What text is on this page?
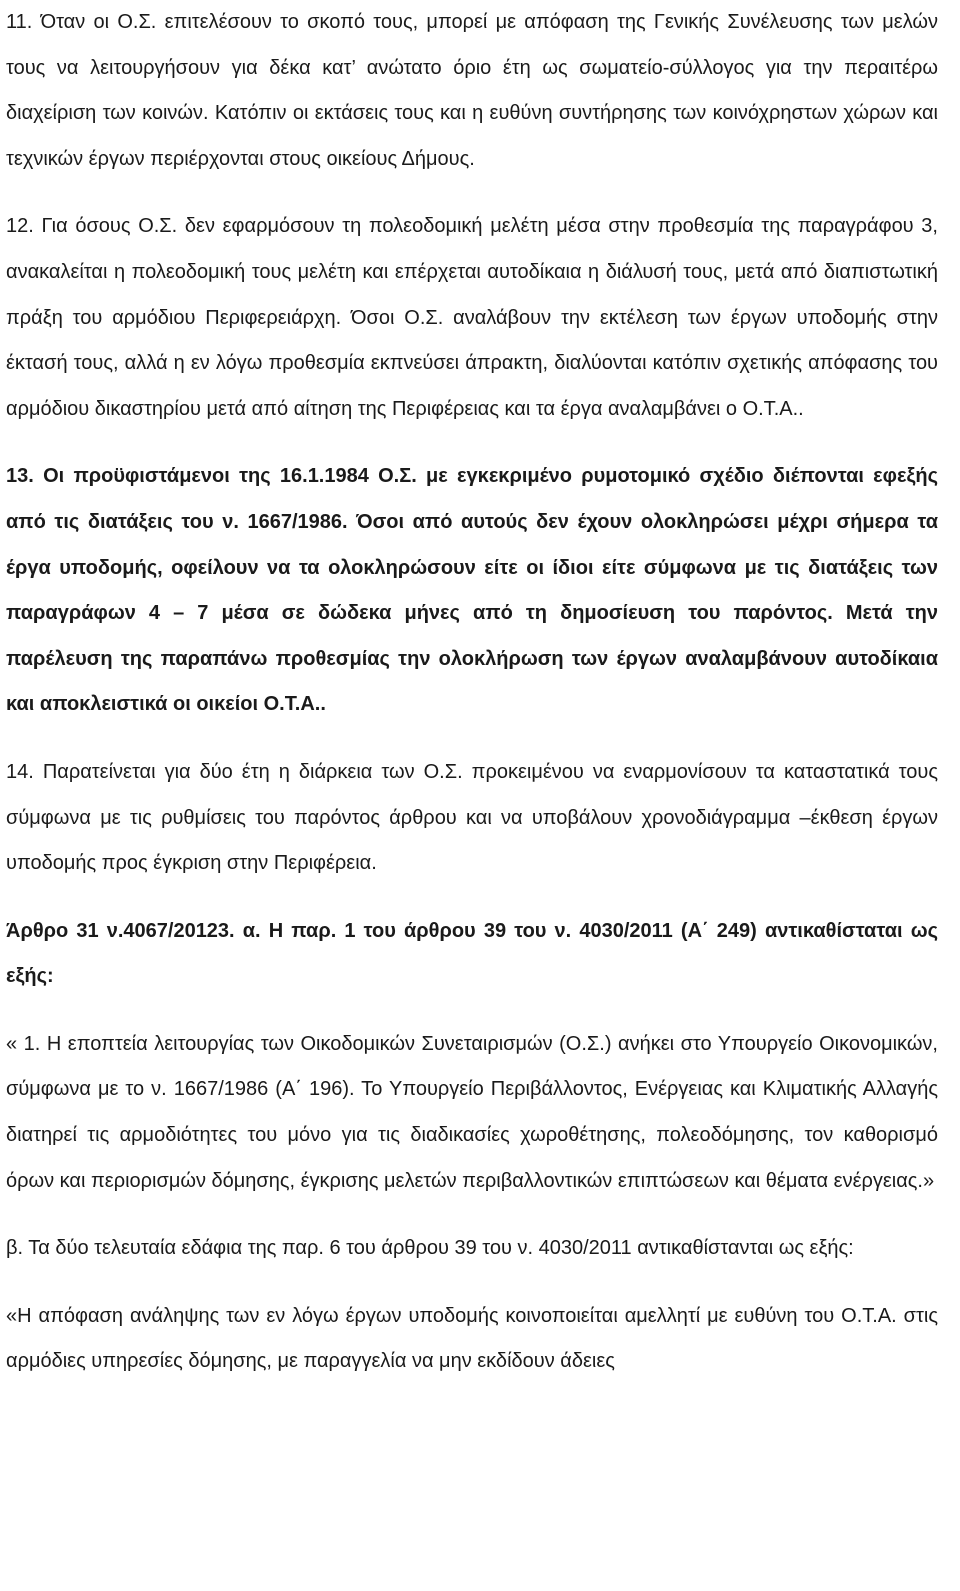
11. Όταν οι Ο.Σ. επιτελέσουν το σκοπό τους, μπορεί με απόφαση της Γενικής Συνέλευσης των μελών τους να λειτουργήσουν για δέκα κατ’ ανώτατο όριο έτη ως σωματείο-σύλλογος για την περαιτέρω διαχείριση των κοινών. Κατόπιν οι εκτάσεις τους και η ευθύνη συντήρησης των κοινόχρηστων χώρων και τεχνικών έργων περιέρχονται στους οικείους Δήμους.

12. Για όσους Ο.Σ. δεν εφαρμόσουν τη πολεοδομική μελέτη μέσα στην προθεσμία της παραγράφου 3, ανακαλείται η πολεοδομική τους μελέτη και επέρχεται αυτοδίκαια η διάλυσή τους, μετά από διαπιστωτική πράξη του αρμόδιου Περιφερειάρχη. Όσοι Ο.Σ. αναλάβουν την εκτέλεση των έργων υποδομής στην έκτασή τους, αλλά η εν λόγω προθεσμία εκπνεύσει άπρακτη, διαλύονται κατόπιν σχετικής απόφασης του αρμόδιου δικαστηρίου μετά από αίτηση της Περιφέρειας και τα έργα αναλαμβάνει ο Ο.Τ.Α..

13. Οι προϋφιστάμενοι της 16.1.1984 Ο.Σ. με εγκεκριμένο ρυμοτομικό σχέδιο διέπονται εφεξής από τις διατάξεις του ν. 1667/1986. Όσοι από αυτούς δεν έχουν ολοκληρώσει μέχρι σήμερα τα έργα υποδομής, οφείλουν να τα ολοκληρώσουν είτε οι ίδιοι είτε σύμφωνα με τις διατάξεις των παραγράφων 4 – 7 μέσα σε δώδεκα μήνες από τη δημοσίευση του παρόντος. Μετά την παρέλευση της παραπάνω προθεσμίας την ολοκλήρωση των έργων αναλαμβάνουν αυτοδίκαια και αποκλειστικά οι οικείοι Ο.Τ.Α..

14. Παρατείνεται για δύο έτη η διάρκεια των Ο.Σ. προκειμένου να εναρμονίσουν τα καταστατικά τους σύμφωνα με τις ρυθμίσεις του παρόντος άρθρου και να υποβάλουν χρονοδιάγραμμα –έκθεση έργων υποδομής προς έγκριση στην Περιφέρεια.

Άρθρο 31 ν.4067/20123. α. Η παρ. 1 του άρθρου 39 του ν. 4030/2011 (Α΄ 249) αντικαθίσταται ως εξής:

« 1. Η εποπτεία λειτουργίας των Οικοδομικών Συνεταιρισμών (Ο.Σ.) ανήκει στο Υπουργείο Οικονομικών, σύμφωνα με το ν. 1667/1986 (Α΄ 196). Το Υπουργείο Περιβάλλοντος, Ενέργειας και Κλιματικής Αλλαγής διατηρεί τις αρμοδιότητες του μόνο για τις διαδικασίες χωροθέτησης, πολεοδόμησης, τον καθορισμό όρων και περιορισμών δόμησης, έγκρισης μελετών περιβαλλοντικών επιπτώσεων και θέματα ενέργειας.»

β. Τα δύο τελευταία εδάφια της παρ. 6 του άρθρου 39 του ν. 4030/2011 αντικαθίστανται ως εξής:

«Η απόφαση ανάληψης των εν λόγω έργων υποδομής κοινοποιείται αμελλητί με ευθύνη του Ο.Τ.Α. στις αρμόδιες υπηρεσίες δόμησης, με παραγγελία να μην εκδίδουν άδειες
